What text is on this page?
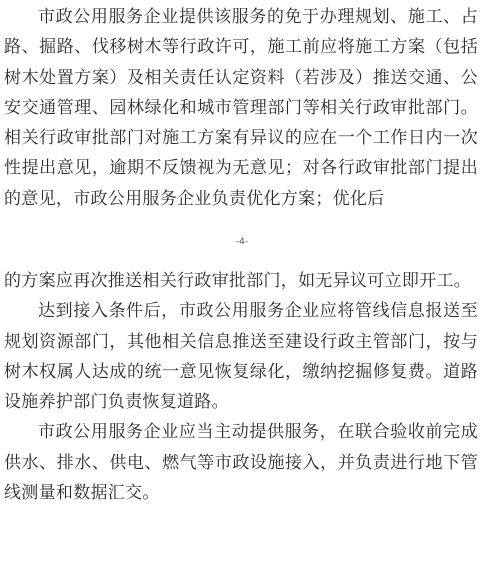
市政公用服务企业提供该服务的免于办理规划、施工、占路、掘路、伐移树木等行政许可，施工前应将施工方案（包括树木处置方案）及相关责任认定资料（若涉及）推送交通、公安交通管理、园林绿化和城市管理部门等相关行政审批部门。相关行政审批部门对施工方案有异议的应在一个工作日内一次性提出意见，逾期不反馈视为无意见；对各行政审批部门提出的意见，市政公用服务企业负责优化方案；优化后

-4-

的方案应再次推送相关行政审批部门，如无异议可立即开工。

达到接入条件后，市政公用服务企业应将管线信息报送至规划资源部门，其他相关信息推送至建设行政主管部门，按与树木权属人达成的统一意见恢复绿化，缴纳挖掘修复费。道路设施养护部门负责恢复道路。

市政公用服务企业应当主动提供服务，在联合验收前完成供水、排水、供电、燃气等市政设施接入，并负责进行地下管线测量和数据汇交。
